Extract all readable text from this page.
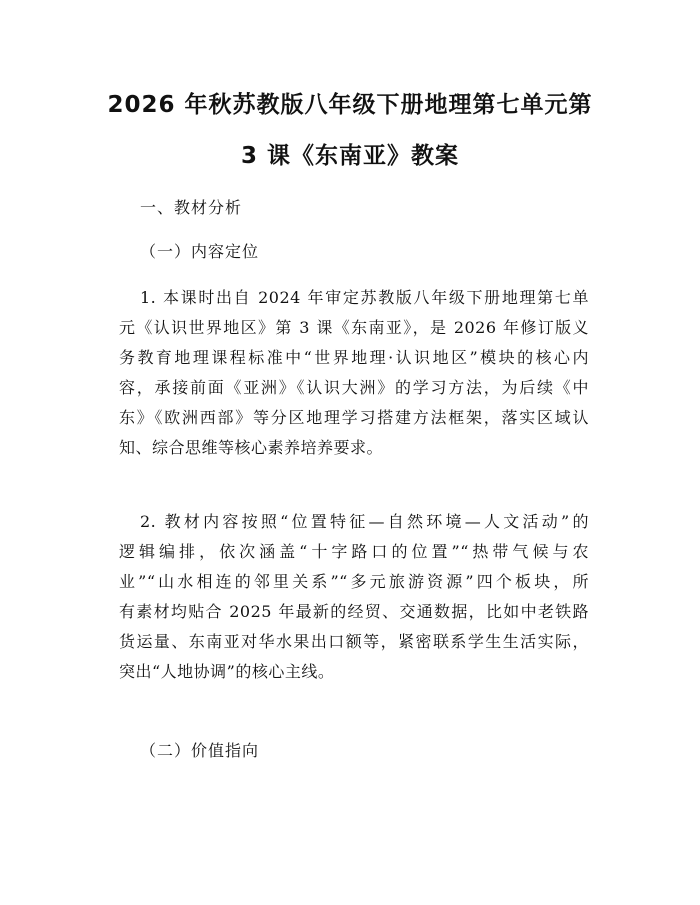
2026 年秋苏教版八年级下册地理第七单元第
3 课《东南亚》教案
一、教材分析
（一）内容定位
1. 本课时出自 2024 年审定苏教版八年级下册地理第七单
元《认识世界地区》第 3 课《东南亚》，是 2026 年修订版义
务教育地理课程标准中“世界地理·认识地区”模块的核心内
容，承接前面《亚洲》《认识大洲》的学习方法，为后续《中
东》《欧洲西部》等分区地理学习搭建方法框架，落实区域认
知、综合思维等核心素养培养要求。
2. 教材内容按照“位置特征—自然环境—人文活动”的
逻辑编排，依次涵盖“十字路口的位置”“热带气候与农
业”“山水相连的邻里关系”“多元旅游资源”四个板块，所
有素材均贴合 2025 年最新的经贸、交通数据，比如中老铁路
货运量、东南亚对华水果出口额等，紧密联系学生生活实际，
突出“人地协调”的核心主线。
（二）价值指向
